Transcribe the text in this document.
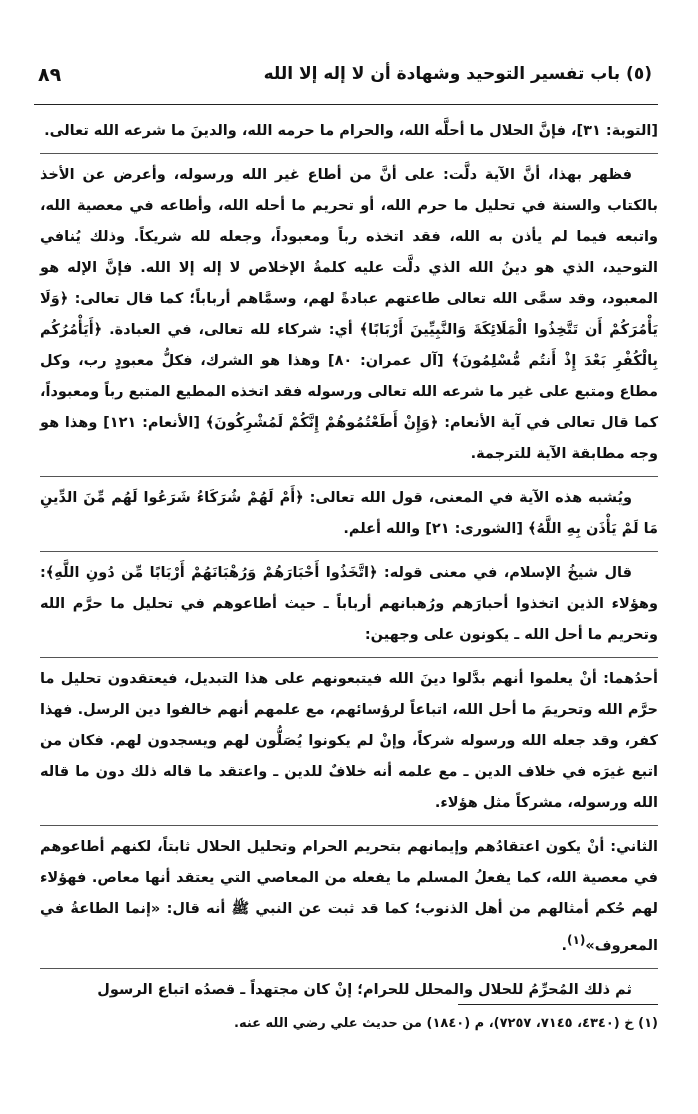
٨٩	(٥) باب تفسير التوحيد وشهادة أن لا إله إلا الله

[التوبة: ٣١]، فإنَّ الحلال ما أحلَّه الله، والحرام ما حرمه الله، والدينَ ما شرعه الله تعالى.

فظهر بهذا، أنَّ الآية دلَّت: على أنَّ من أطاع غير الله ورسوله، وأعرض عن الأخذ بالكتاب والسنة في تحليل ما حرم الله، أو تحريم ما أحله الله، وأطاعه في معصية الله، واتبعه فيما لم يأذن به الله، فقد اتخذه رباً ومعبوداً، وجعله لله شريكاً. وذلك يُنافي التوحيد، الذي هو دينُ الله الذي دلَّت عليه كلمةُ الإخلاص لا إله إلا الله. فإنَّ الإله هو المعبود، وقد سمَّى الله تعالى طاعتهم عبادةً لهم، وسمَّاهم أرباباً؛ كما قال تعالى: ﴿وَلَا يَأْمُرَكُمْ أَن تَتَّخِذُوا الْمَلَائِكَةَ وَالنَّبِيِّينَ أَرْبَابًا﴾ أي: شركاء لله تعالى، في العبادة. ﴿أَيَأْمُرُكُم بِالْكُفْرِ بَعْدَ إِذْ أَنتُم مُّسْلِمُونَ﴾ [آل عمران: ٨٠] وهذا هو الشرك، فكلُّ معبودٍ رب، وكل مطاع ومتبع على غير ما شرعه الله تعالى ورسوله فقد اتخذه المطيع المتبع رباً ومعبوداً، كما قال تعالى في آية الأنعام: ﴿وَإِنْ أَطَعْتُمُوهُمْ إِنَّكُمْ لَمُشْرِكُونَ﴾ [الأنعام: ١٢١] وهذا هو وجه مطابقة الآية للترجمة.

ويُشبه هذه الآية في المعنى، قول الله تعالى: ﴿أَمْ لَهُمْ شُرَكَاءُ شَرَعُوا لَهُم مِّنَ الدِّينِ مَا لَمْ يَأْذَن بِهِ اللَّهُ﴾ [الشورى: ٢١] والله أعلم.

قال شيخُ الإسلام، في معنى قوله: ﴿اتَّخَذُوا أَحْبَارَهُمْ وَرُهْبَانَهُمْ أَرْبَابًا مِّن دُونِ اللَّهِ﴾: وهؤلاء الذين اتخذوا أحبارَهم ورُهبانهم أرباباً ـ حيث أطاعوهم في تحليل ما حرَّم الله وتحريم ما أحل الله ـ يكونون على وجهين:

أحدُهما: أنْ يعلموا أنهم بدَّلوا دينَ الله فيتبعونهم على هذا التبديل، فيعتقدون تحليل ما حرَّم الله وتحريمَ ما أحل الله، اتباعاً لرؤسائهم، مع علمهم أنهم خالفوا دين الرسل. فهذا كفر، وقد جعله الله ورسوله شركاً، وإنْ لم يكونوا يُصَلُّون لهم ويسجدون لهم. فكان من اتبع غيرَه في خلاف الدين ـ مع علمه أنه خلافٌ للدين ـ واعتقد ما قاله ذلك دون ما قاله الله ورسوله، مشركاً مثل هؤلاء.

الثاني: أنْ يكون اعتقادُهم وإيمانهم بتحريم الحرام وتحليل الحلال ثابتاً، لكنهم أطاعوهم في معصية الله، كما يفعلُ المسلم ما يفعله من المعاصي التي يعتقد أنها معاص. فهؤلاء لهم حُكم أمثالهم من أهل الذنوب؛ كما قد ثبت عن النبي ﷺ أنه قال: «إنما الطاعةُ في المعروف»$^{(١)}$.

ثم ذلك المُحرِّمُ للحلال والمحلل للحرام؛ إنْ كان مجتهداً ـ قصدُه اتباع الرسول

(١) خ (٤٣٤٠، ٧١٤٥، ٧٢٥٧)، م (١٨٤٠) من حديث علي رضي الله عنه.
